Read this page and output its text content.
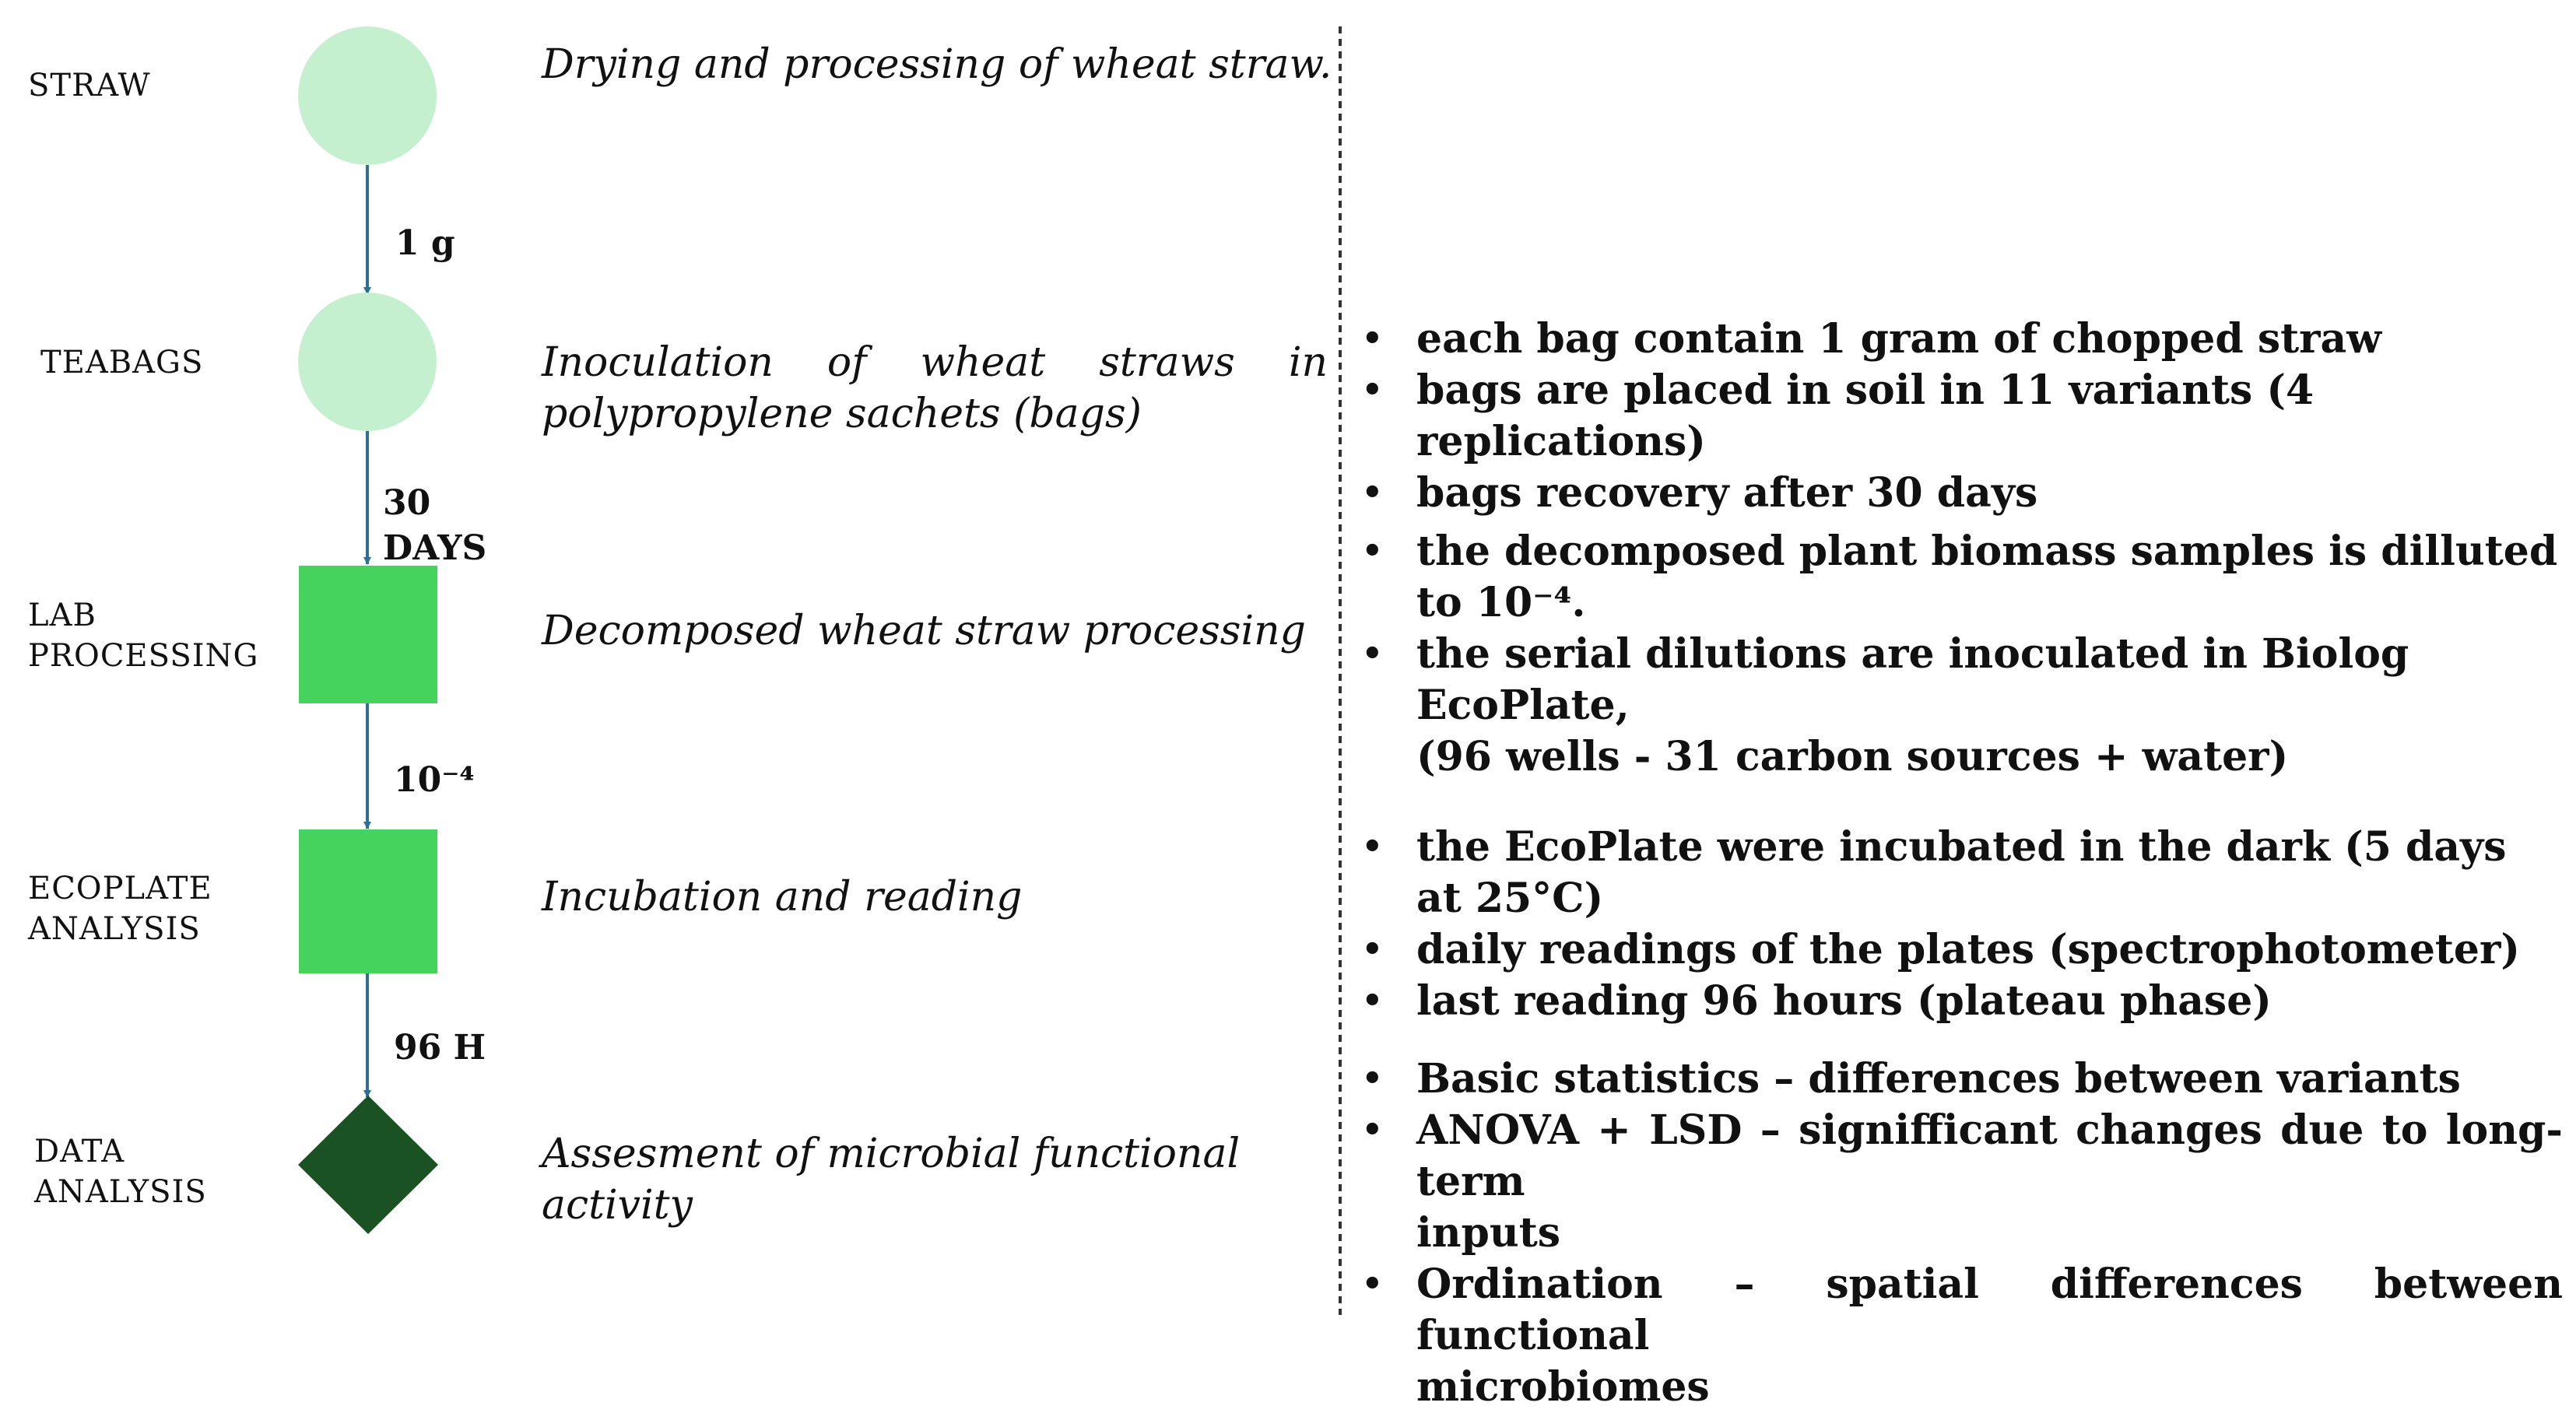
STRAW
TEABAGS
LAB
PROCESSING
ECOPLATE
ANALYSIS
DATA
ANALYSIS
1 g
30
DAYS
10⁻⁴
96 H
Drying and processing of wheat straw.
Inoculation of wheat straws in
polypropylene sachets (bags)
Decomposed wheat straw processing
Incubation and reading
Assesment of microbial functional
activity
• each bag contain 1 gram of chopped straw
• bags are placed in soil in 11 variants (4 replications)
• bags recovery after 30 days
• the decomposed plant biomass samples is dilluted to 10⁻⁴.
• the serial dilutions are inoculated in Biolog EcoPlate,
(96 wells - 31 carbon sources + water)
• the EcoPlate were incubated in the dark (5 days at 25°C)
• daily readings of the plates (spectrophotometer)
• last reading 96 hours (plateau phase)
• Basic statistics – differences between variants
• ANOVA + LSD – signifficant changes due to long-term
inputs
• Ordination – spatial differences between functional
microbiomes
